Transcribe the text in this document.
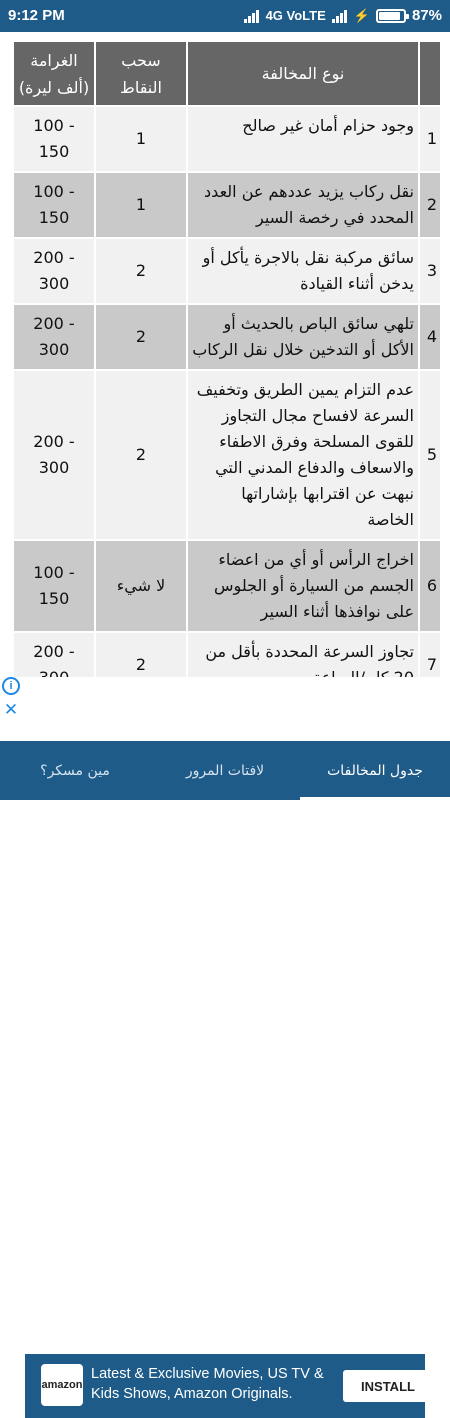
9:12 PM	4G VoLTE ⚡	87%
الغرامة (ألف ليرة)	سحب النقاط	نوع المخالفة	
100 - 150	1	وجود حزام أمان غير صالح	1
100 - 150	1	نقل ركاب يزيد عددهم عن العدد المحدد في رخصة السير	2
200 - 300	2	سائق مركبة نقل بالاجرة يأكل أو يدخن أثناء القيادة	3
200 - 300	2	تلهي سائق الباص بالحديث أو الأكل أو التدخين خلال نقل الركاب	4
200 - 300	2	عدم التزام يمين الطريق وتخفيف السرعة لافساح مجال التجاوز للقوى المسلحة وفرق الاطفاء والاسعاف والدفاع المدني التي نبهت عن اقترابها بإشاراتها الخاصة	5
100 - 150	لا شيء	اخراج الرأس أو أي من اعضاء الجسم من السيارة أو الجلوس على نوافذها أثناء السير	6
200 -	2	تجاوز السرعة المحددة بأقل من	7

amazon
Latest & Exclusive Movies, US TV & Kids Shows, Amazon Originals.	INSTALL
i
✕
مين مسكر؟	لافتات المرور	جدول المخالفات
